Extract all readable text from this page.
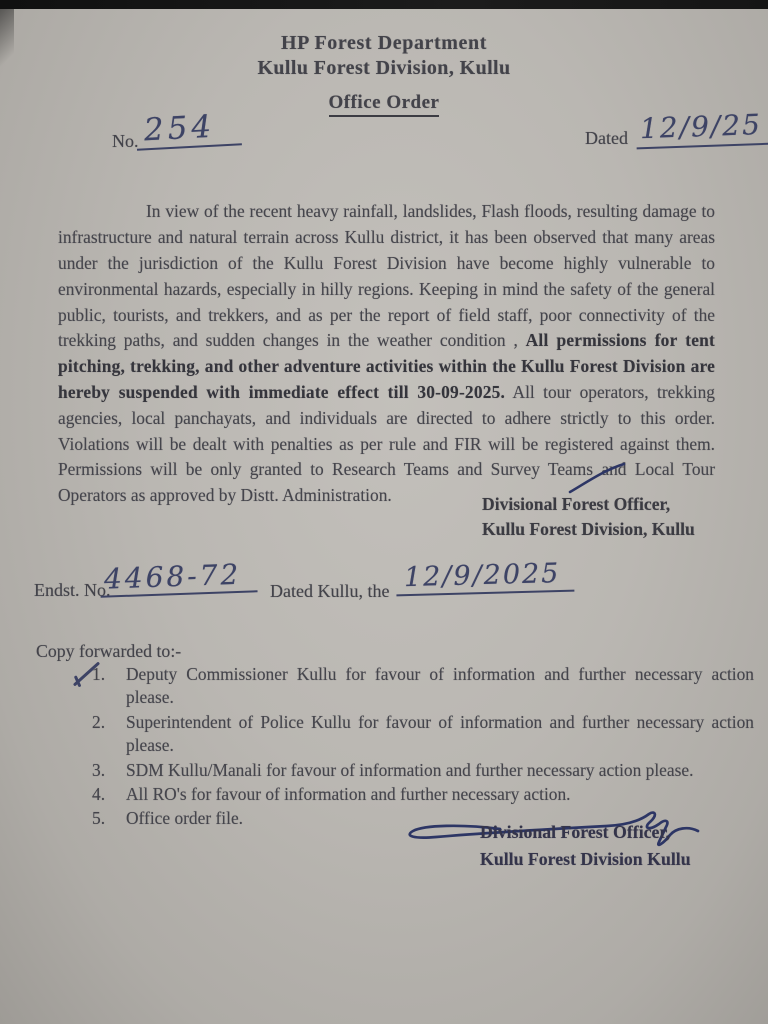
HP Forest Department
Kullu Forest Division, Kullu
Office Order
No. 254	Dated 12/9/25

In view of the recent heavy rainfall, landslides, Flash floods, resulting damage to infrastructure and natural terrain across Kullu district, it has been observed that many areas under the jurisdiction of the Kullu Forest Division have become highly vulnerable to environmental hazards, especially in hilly regions. Keeping in mind the safety of the general public, tourists, and trekkers, and as per the report of field staff, poor connectivity of the trekking paths, and sudden changes in the weather condition , All permissions for tent pitching, trekking, and other adventure activities within the Kullu Forest Division are hereby suspended with immediate effect till 30-09-2025. All tour operators, trekking agencies, local panchayats, and individuals are directed to adhere strictly to this order. Violations will be dealt with penalties as per rule and FIR will be registered against them. Permissions will be only granted to Research Teams and Survey Teams and Local Tour Operators as approved by Distt. Administration.	Divisional Forest Officer,
Kullu Forest Division, Kullu
Endst. No.
4468-72	Dated Kullu, the 12/9/2025
Copy forwarded to:-
1.	Deputy Commissioner Kullu for favour of information and further necessary action please.
2.	Superintendent of Police Kullu for favour of information and further necessary action please.
3.	SDM Kullu/Manali for favour of information and further necessary action please.
4.	All RO's for favour of information and further necessary action.
5.	Office order file.
Divisional Forest Officer,
Kullu Forest Division Kullu
